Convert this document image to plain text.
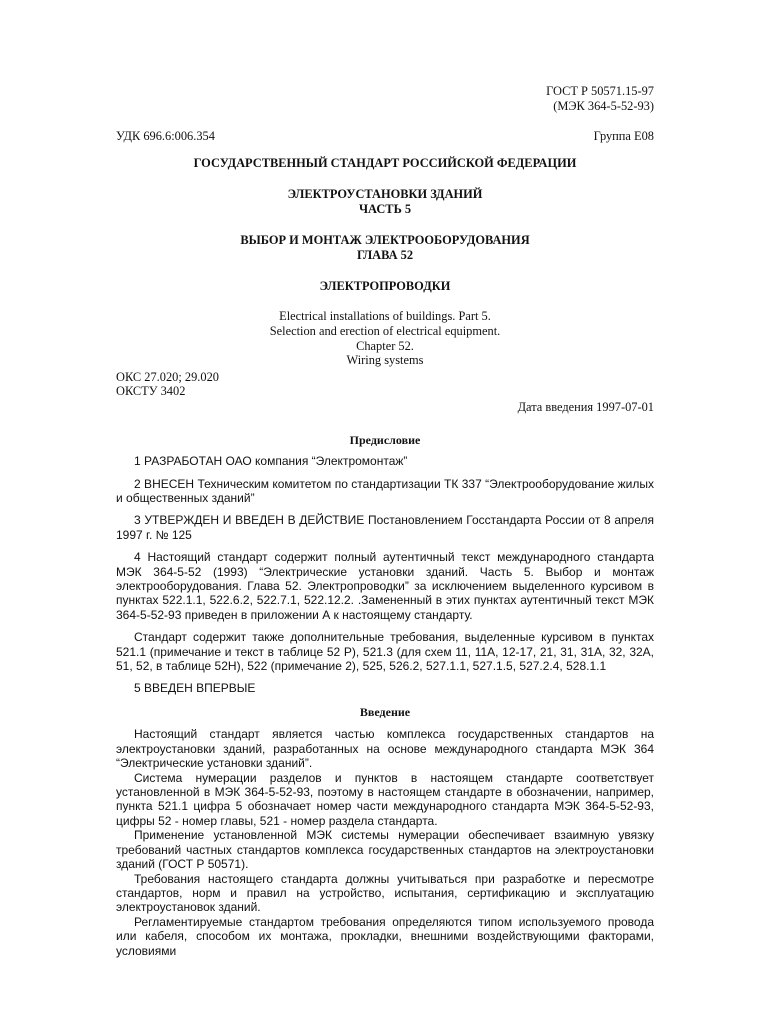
ГОСТ Р 50571.15-97
(МЭК 364-5-52-93)
УДК 696.6:006.354	Группа Е08
ГОСУДАРСТВЕННЫЙ СТАНДАРТ РОССИЙСКОЙ ФЕДЕРАЦИИ
ЭЛЕКТРОУСТАНОВКИ ЗДАНИЙ
ЧАСТЬ 5
ВЫБОР И МОНТАЖ ЭЛЕКТРООБОРУДОВАНИЯ
ГЛАВА 52
ЭЛЕКТРОПРОВОДКИ
Electrical installations of buildings. Part 5.
Selection and erection of electrical equipment.
Chapter 52.
Wiring systems
ОКС 27.020; 29.020
ОКСТУ 3402
Дата введения 1997-07-01
Предисловие
1 РАЗРАБОТАН ОАО компания “Электромонтаж”
2 ВНЕСЕН Техническим комитетом по стандартизации ТК 337 “Электрооборудование жилых и общественных зданий”
3 УТВЕРЖДЕН И ВВЕДЕН В ДЕЙСТВИЕ Постановлением Госстандарта России от 8 апреля 1997 г. № 125
4 Настоящий стандарт содержит полный аутентичный текст международного стандарта МЭК 364-5-52 (1993) “Электрические установки зданий. Часть 5. Выбор и монтаж электрооборудования. Глава 52. Электропроводки” за исключением выделенного курсивом в пунктах 522.1.1, 522.6.2, 522.7.1, 522.12.2. .Замененный в этих пунктах аутентичный текст МЭК 364-5-52-93 приведен в приложении А к настоящему стандарту.
Стандарт содержит также дополнительные требования, выделенные курсивом в пунктах 521.1 (примечание и текст в таблице 52 Р), 521.3 (для схем 11, 11А, 12-17, 21, 31, 31А, 32, 32А, 51, 52, в таблице 52Н), 522 (примечание 2), 525, 526.2, 527.1.1, 527.1.5, 527.2.4, 528.1.1
5 ВВЕДЕН ВПЕРВЫЕ
Введение
Настоящий стандарт является частью комплекса государственных стандартов на электроустановки зданий, разработанных на основе международного стандарта МЭК 364 “Электрические установки зданий”.
Система нумерации разделов и пунктов в настоящем стандарте соответствует установленной в МЭК 364-5-52-93, поэтому в настоящем стандарте в обозначении, например, пункта 521.1 цифра 5 обозначает номер части международного стандарта МЭК 364-5-52-93, цифры 52 - номер главы, 521 - номер раздела стандарта.
Применение установленной МЭК системы нумерации обеспечивает взаимную увязку требований частных стандартов комплекса государственных стандартов на электроустановки зданий (ГОСТ Р 50571).
Требования настоящего стандарта должны учитываться при разработке и пересмотре стандартов, норм и правил на устройство, испытания, сертификацию и эксплуатацию электроустановок зданий.
Регламентируемые стандартом требования определяются типом используемого провода или кабеля, способом их монтажа, прокладки, внешними воздействующими факторами, условиями
